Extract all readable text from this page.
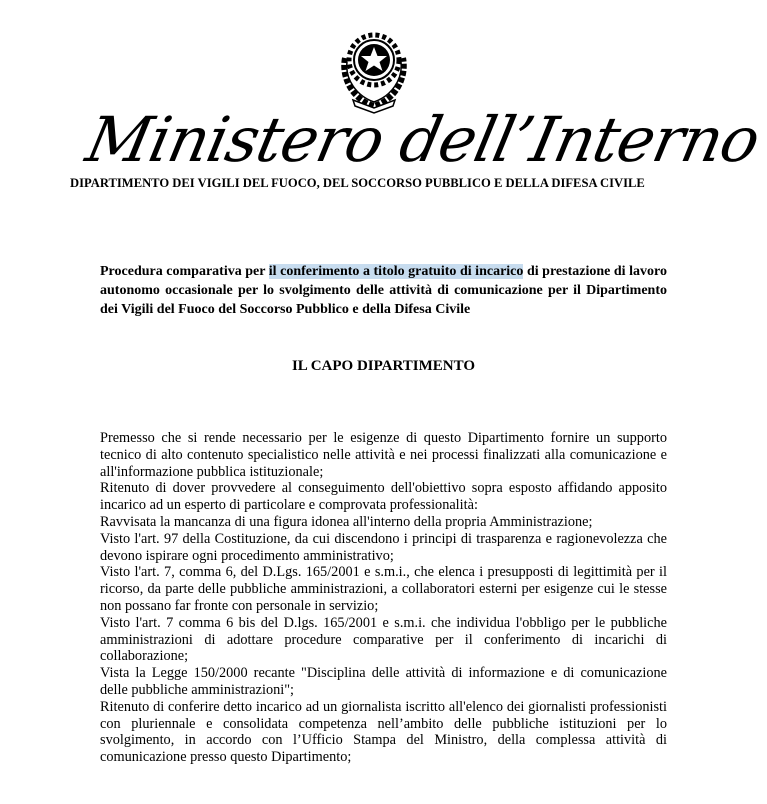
Ministero dell’Interno
DIPARTIMENTO DEI VIGILI DEL FUOCO, DEL SOCCORSO PUBBLICO E DELLA DIFESA CIVILE
Procedura comparativa per il conferimento a titolo gratuito di incarico di prestazione di lavoro autonomo occasionale per lo svolgimento delle attività di comunicazione per il Dipartimento dei Vigili del Fuoco del Soccorso Pubblico e della Difesa Civile
IL CAPO DIPARTIMENTO

Premesso che si rende necessario per le esigenze di questo Dipartimento fornire un supporto tecnico di alto contenuto specialistico nelle attività e nei processi finalizzati alla comunicazione e all'informazione pubblica istituzionale;

Ritenuto di dover provvedere al conseguimento dell'obiettivo sopra esposto affidando apposito incarico ad un esperto di particolare e comprovata professionalità:

Ravvisata la mancanza di una figura idonea all'interno della propria Amministrazione;

Visto l'art. 97 della Costituzione, da cui discendono i principi di trasparenza e ragionevolezza che devono ispirare ogni procedimento amministrativo;

Visto l'art. 7, comma 6, del D.Lgs. 165/2001 e s.m.i., che elenca i presupposti di legittimità per il ricorso, da parte delle pubbliche amministrazioni, a collaboratori esterni per esigenze cui le stesse non possano far fronte con personale in servizio;

Visto l'art. 7 comma 6 bis del D.lgs. 165/2001 e s.m.i. che individua l'obbligo per le pubbliche amministrazioni di adottare procedure comparative per il conferimento di incarichi di collaborazione;

Vista la Legge 150/2000 recante "Disciplina delle attività di informazione e di comunicazione delle pubbliche amministrazioni";

Ritenuto di conferire detto incarico ad un giornalista iscritto all'elenco dei giornalisti professionisti con pluriennale e consolidata competenza nell’ambito delle pubbliche istituzioni per lo svolgimento, in accordo con l’Ufficio Stampa del Ministro, della complessa attività di comunicazione presso questo Dipartimento;
